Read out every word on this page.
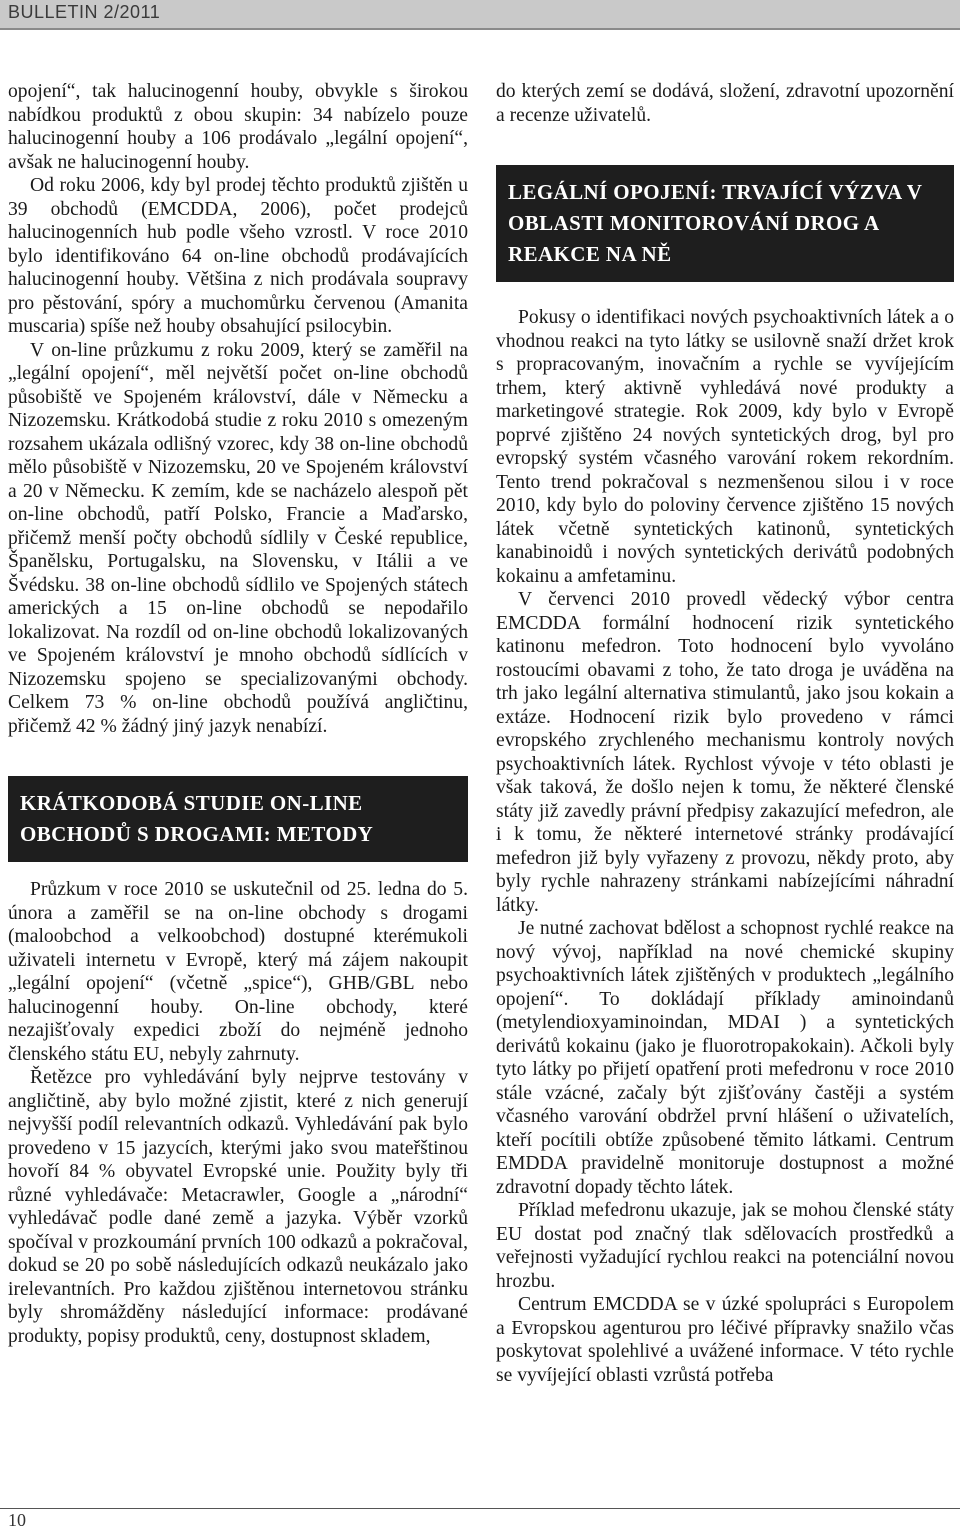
BULLETIN 2/2011

opojení“, tak halucinogenní houby, obvykle s širokou nabídkou produktů z obou skupin: 34 nabízelo pouze halucinogenní houby a 106 prodávalo „legální opojení“, avšak ne halucinogenní houby.

Od roku 2006, kdy byl prodej těchto produktů zjištěn u 39 obchodů (EMCDDA, 2006), počet prodejců halucinogenních hub podle všeho vzrostl. V roce 2010 bylo identifikováno 64 on-line obchodů prodávajících halucinogenní houby. Většina z nich prodávala soupravy pro pěstování, spóry a muchomůrku červenou (Amanita muscaria) spíše než houby obsahující psilocybin.

V on-line průzkumu z roku 2009, který se zaměřil na „legální opojení“, měl největší počet on-line obchodů působiště ve Spojeném království, dále v Německu a Nizozemsku. Krátkodobá studie z roku 2010 s omezeným rozsahem ukázala odlišný vzorec, kdy 38 on-line obchodů mělo působiště v Nizozemsku, 20 ve Spojeném království a 20 v Německu. K zemím, kde se nacházelo alespoň pět on-line obchodů, patří Polsko, Francie a Maďarsko, přičemž menší počty obchodů sídlily v České republice, Španělsku, Portugalsku, na Slovensku, v Itálii a ve Švédsku. 38 on-line obchodů sídlilo ve Spojených státech amerických a 15 on-line obchodů se nepodařilo lokalizovat. Na rozdíl od on-line obchodů lokalizovaných ve Spojeném království je mnoho obchodů sídlících v Nizozemsku spojeno se specializovanými obchody. Celkem 73 % on-line obchodů používá angličtinu, přičemž 42 % žádný jiný jazyk nenabízí.

KRÁTKODOBÁ STUDIE ON-LINE OBCHODŮ S DROGAMI: METODY

Průzkum v roce 2010 se uskutečnil od 25. ledna do 5. února a zaměřil se na on-line obchody s drogami (maloobchod a velkoobchod) dostupné kterémukoli uživateli internetu v Evropě, který má zájem nakoupit „legální opojení“ (včetně „spice“), GHB/GBL nebo halucinogenní houby. On-line obchody, které nezajišťovaly expedici zboží do nejméně jednoho členského státu EU, nebyly zahrnuty.

Řetězce pro vyhledávání byly nejprve testovány v angličtině, aby bylo možné zjistit, které z nich generují nejvyšší podíl relevantních odkazů. Vyhledávání pak bylo provedeno v 15 jazycích, kterými jako svou mateřštinou hovoří 84 % obyvatel Evropské unie. Použity byly tři různé vyhledávače: Metacrawler, Google a „národní“ vyhledávač podle dané země a jazyka. Výběr vzorků spočíval v prozkoumání prvních 100 odkazů a pokračoval, dokud se 20 po sobě následujících odkazů neukázalo jako irelevantních. Pro každou zjištěnou internetovou stránku byly shromážděny následující informace: prodávané produkty, popisy produktů, ceny, dostupnost skladem,

do kterých zemí se dodává, složení, zdravotní upozornění a recenze uživatelů.

LEGÁLNÍ OPOJENÍ: TRVAJÍCÍ VÝZVA V OBLASTI MONITOROVÁNÍ DROG A REAKCE NA NĚ

Pokusy o identifikaci nových psychoaktivních látek a o vhodnou reakci na tyto látky se usilovně snaží držet krok s propracovaným, inovačním a rychle se vyvíjejícím trhem, který aktivně vyhledává nové produkty a marketingové strategie. Rok 2009, kdy bylo v Evropě poprvé zjištěno 24 nových syntetických drog, byl pro evropský systém včasného varování rokem rekordním. Tento trend pokračoval s nezmenšenou silou i v roce 2010, kdy bylo do poloviny července zjištěno 15 nových látek včetně syntetických katinonů, syntetických kanabinoidů i nových syntetických derivátů podobných kokainu a amfetaminu.

V červenci 2010 provedl vědecký výbor centra EMCDDA formální hodnocení rizik syntetického katinonu mefedron. Toto hodnocení bylo vyvoláno rostoucími obavami z toho, že tato droga je uváděna na trh jako legální alternativa stimulantů, jako jsou kokain a extáze. Hodnocení rizik bylo provedeno v rámci evropského zrychleného mechanismu kontroly nových psychoaktivních látek. Rychlost vývoje v této oblasti je však taková, že došlo nejen k tomu, že některé členské státy již zavedly právní předpisy zakazující mefedron, ale i k tomu, že některé internetové stránky prodávající mefedron již byly vyřazeny z provozu, někdy proto, aby byly rychle nahrazeny stránkami nabízejícími náhradní látky.

Je nutné zachovat bdělost a schopnost rychlé reakce na nový vývoj, například na nové chemické skupiny psychoaktivních látek zjištěných v produktech „legálního opojení“. To dokládají příklady aminoindanů (metylendioxyaminoindan, MDAI ) a syntetických derivátů kokainu (jako je fluorotropakokain). Ačkoli byly tyto látky po přijetí opatření proti mefedronu v roce 2010 stále vzácné, začaly být zjišťovány častěji a systém včasného varování obdržel první hlášení o uživatelích, kteří pocítili obtíže způsobené těmito látkami. Centrum EMDDA pravidelně monitoruje dostupnost a možné zdravotní dopady těchto látek.

Příklad mefedronu ukazuje, jak se mohou členské státy EU dostat pod značný tlak sdělovacích prostředků a veřejnosti vyžadující rychlou reakci na potenciální novou hrozbu.

Centrum EMCDDA se v úzké spolupráci s Europolem a Evropskou agenturou pro léčivé přípravky snažilo včas poskytovat spolehlivé a uvážené informace. V této rychle se vyvíjející oblasti vzrůstá potřeba

10
